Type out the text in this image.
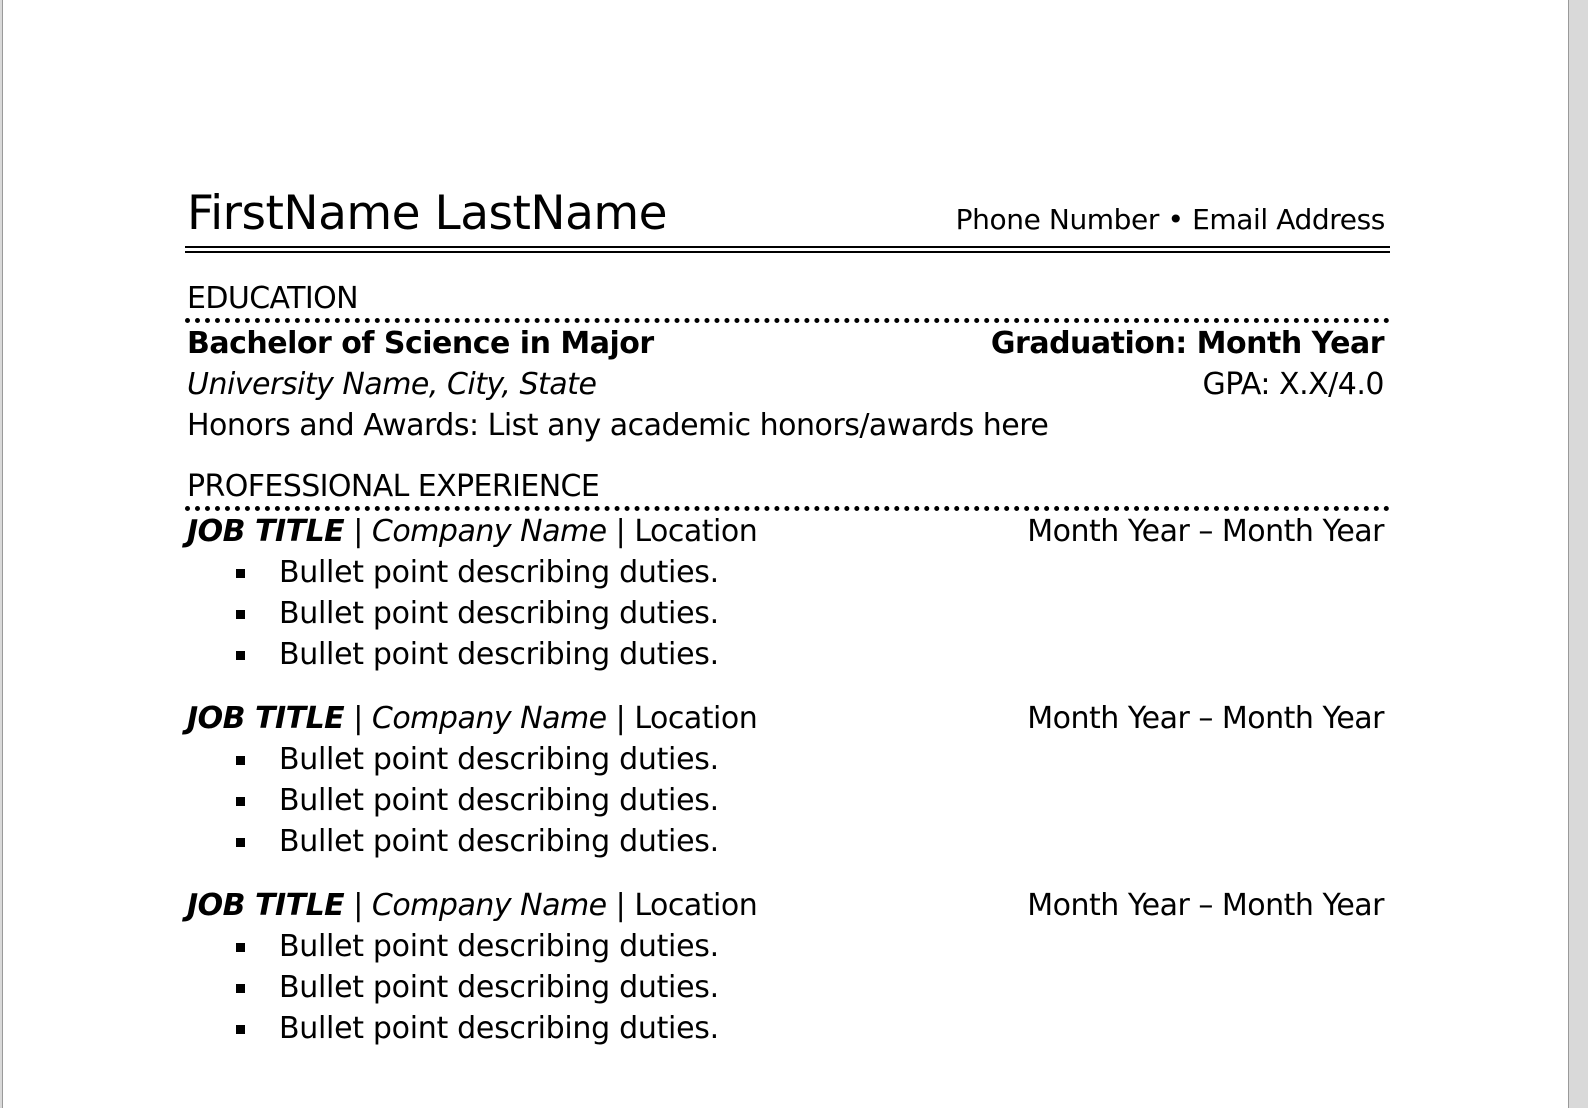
FirstName LastName	Phone Number • Email Address
EDUCATION
Bachelor of Science in Major	Graduation: Month Year
University Name, City, State	GPA: X.X/4.0
Honors and Awards: List any academic honors/awards here
PROFESSIONAL EXPERIENCE
JOB TITLE | Company Name | Location	Month Year – Month Year
Bullet point describing duties.
Bullet point describing duties.
Bullet point describing duties.
JOB TITLE | Company Name | Location	Month Year – Month Year
Bullet point describing duties.
Bullet point describing duties.
Bullet point describing duties.
JOB TITLE | Company Name | Location	Month Year – Month Year
Bullet point describing duties.
Bullet point describing duties.
Bullet point describing duties.
